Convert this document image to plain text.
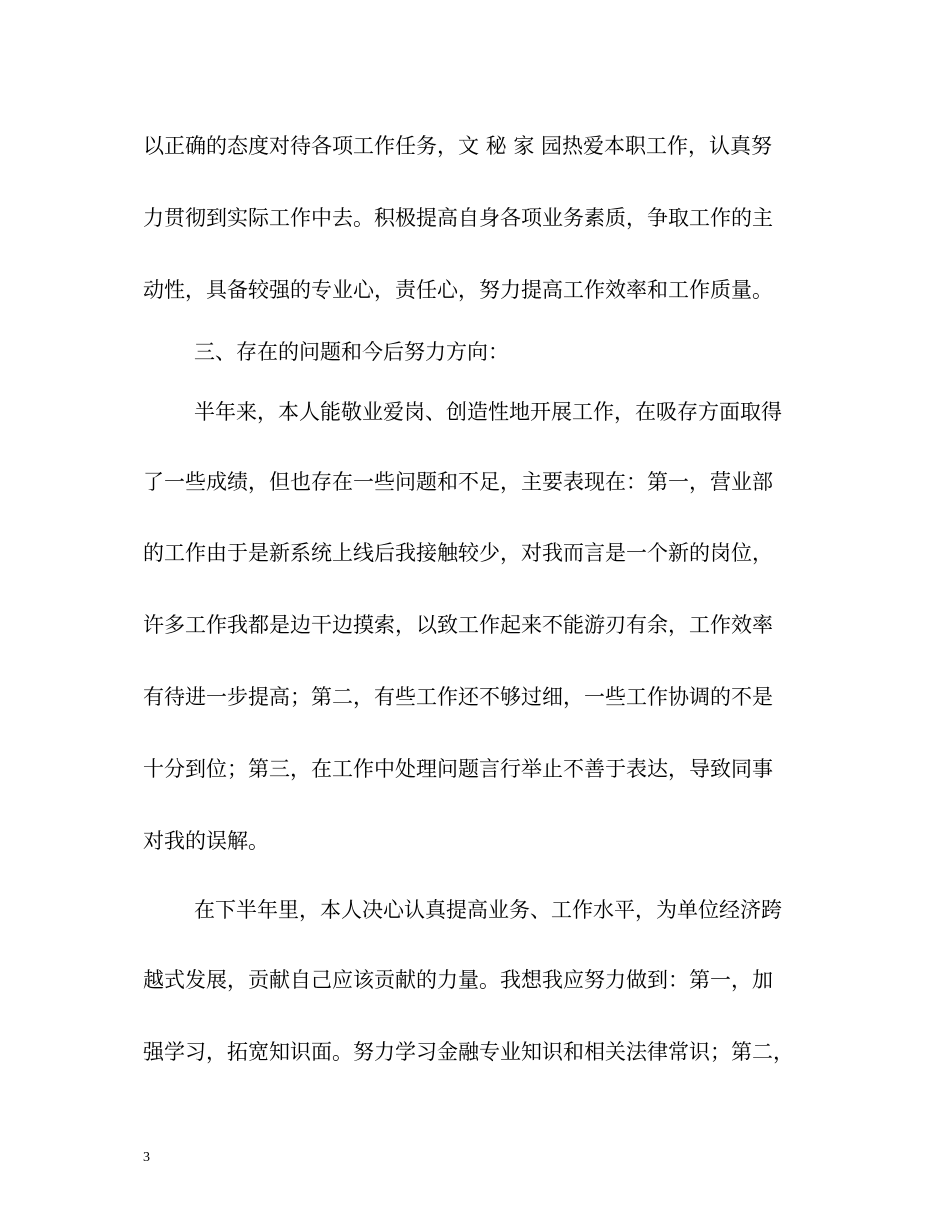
以正确的态度对待各项工作任务，文 秘 家 园热爱本职工作，认真努
力贯彻到实际工作中去。积极提高自身各项业务素质，争取工作的主
动性，具备较强的专业心，责任心，努力提高工作效率和工作质量。
三、存在的问题和今后努力方向：
半年来，本人能敬业爱岗、创造性地开展工作，在吸存方面取得
了一些成绩，但也存在一些问题和不足，主要表现在：第一，营业部
的工作由于是新系统上线后我接触较少，对我而言是一个新的岗位，
许多工作我都是边干边摸索，以致工作起来不能游刃有余，工作效率
有待进一步提高；第二，有些工作还不够过细，一些工作协调的不是
十分到位；第三，在工作中处理问题言行举止不善于表达，导致同事
对我的误解。
在下半年里，本人决心认真提高业务、工作水平，为单位经济跨
越式发展，贡献自己应该贡献的力量。我想我应努力做到：第一，加
强学习，拓宽知识面。努力学习金融专业知识和相关法律常识；第二，
3
